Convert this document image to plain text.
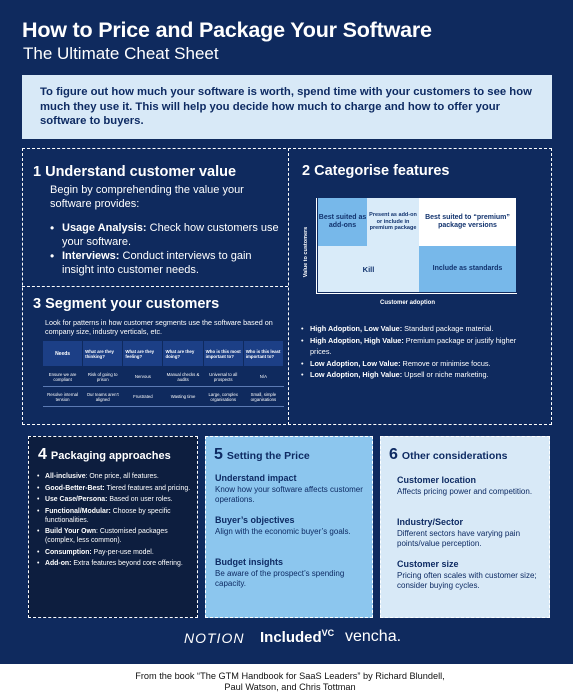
How to Price and Package Your Software
The Ultimate Cheat Sheet
To figure out how much your software is worth, spend time with your customers to see how much they use it. This will help you decide how much to charge and how to offer your software to buyers.
1 Understand customer value
Begin by comprehending the value your software provides:
• Usage Analysis: Check how customers use your software.
• Interviews: Conduct interviews to gain insight into customer needs.
3 Segment your customers
Look for patterns in how customer segments use the software based on company size, industry verticals, etc.
Needs	What are they thinking?	What are they feeling?	What are they doing?	Who is this most important to?	Who is this least important to?
Ensure we are compliant	Risk of going to prison	Nervous	Manual checks & audits	Universal to all prospects	N/A
Resolve internal tension	Our teams aren’t aligned	Frustrated	Wasting time	Large, complex organisations	Small, simple organisations
2 Categorise features
Value to customers
Best suited as add-ons
Present as add-on or include in premium package
Best suited to “premium” package versions
Kill	Include as standards
Customer adoption
• High Adoption, Low Value: Standard package material.
• High Adoption, High Value: Premium package or justify higher prices.
• Low Adoption, Low Value: Remove or minimise focus.
• Low Adoption, High Value: Upsell or niche marketing.
4 Packaging approaches
• All-inclusive: One price, all features.
• Good-Better-Best: Tiered features and pricing.
• Use Case/Persona: Based on user roles.
• Functional/Modular: Choose by specific functionalities.
• Build Your Own: Customised packages (complex, less common).
• Consumption: Pay-per-use model.
• Add-on: Extra features beyond core offering.
5 Setting the Price
Understand impact
Know how your software affects customer operations.
Buyer’s objectives
Align with the economic buyer’s goals.
Budget insights
Be aware of the prospect’s spending capacity.
6 Other considerations
Customer location
Affects pricing power and competition.
Industry/Sector
Different sectors have varying pain points/value perception.
Customer size
Pricing often scales with customer size; consider buying cycles.
NOTION Included$^{VC}$ vencha.
From the book “The GTM Handbook for SaaS Leaders” by Richard Blundell, Paul Watson, and Chris Tottman
